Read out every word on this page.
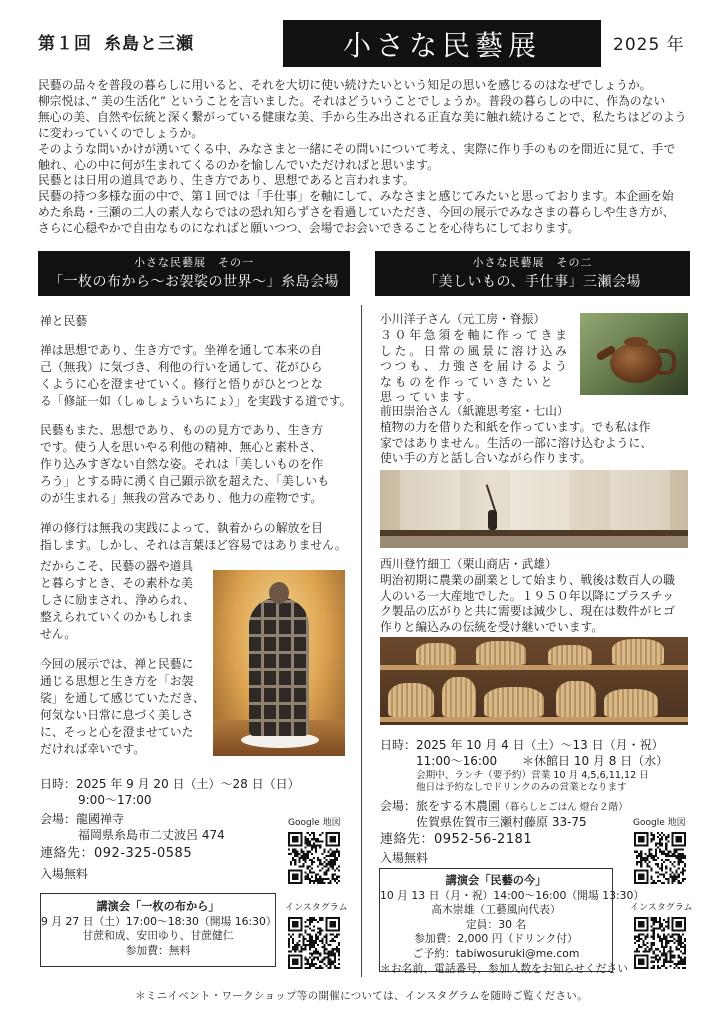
第１回 糸島と三瀬	小さな民藝展	2025 年
民藝の品々を普段の暮らしに用いると、それを大切に使い続けたいという知足の思いを感じるのはなぜでしょうか。
柳宗悦は、” 美の生活化” ということを言いました。それはどういうことでしょうか。普段の暮らしの中に、作為のない
無心の美、自然や伝統と深く繋がっている健康な美、手から生み出される正直な美に触れ続けることで、私たちはどのよう
に変わっていくのでしょうか。
そのような問いかけが湧いてくる中、みなさまと一緒にその問いについて考え、実際に作り手のものを間近に見て、手で
触れ、心の中に何が生まれてくるのかを愉しんでいただければと思います。
民藝とは日用の道具であり、生き方であり、思想であると言われます。
民藝の持つ多様な面の中で、第１回では「手仕事」を軸にして、みなさまと感じてみたいと思っております。本企画を始
めた糸島・三瀬の二人の素人ならではの恐れ知らずさを看過していただき、今回の展示でみなさまの暮らしや生き方が、
さらに心穏やかで自由なものになればと願いつつ、会場でお会いできることを心待ちにしております。
小さな民藝展　その一
「一枚の布から～お袈裟の世界～」糸島会場
小さな民藝展　その二
「美しいもの、手仕事」三瀬会場
禅と民藝
禅は思想であり、生き方です。坐禅を通して本来の自
己（無我）に気づき、利他の行いを通して、花がひら
くように心を澄ませていく。修行と悟りがひとつとな
る「修証一如（しゅしょういちにょ）」を実践する道です。
民藝もまた、思想であり、ものの見方であり、生き方
です。使う人を思いやる利他の精神、無心と素朴さ、
作り込みすぎない自然な姿。それは「美しいものを作
ろう」とする時に湧く自己顕示欲を超えた、「美しいも
のが生まれる」無我の営みであり、他力の産物です。
禅の修行は無我の実践によって、執着からの解放を目
指します。しかし、それは言葉ほど容易ではありません。
だからこそ、民藝の器や道具
と暮らすとき、その素朴な美
しさに励まされ、浄められ、
整えられていくのかもしれま
せん。
今回の展示では、禅と民藝に
通じる思想と生き方を「お袈
裟」を通して感じていただき、
何気ない日常に息づく美しさ
に、そっと心を澄ませていた
だければ幸いです。
日時：2025 年 9 月 20 日（土）～28 日（日）
9:00～17:00
会場：龍國禅寺
福岡県糸島市二丈波呂 474
連絡先：092-325-0585
入場無料
Google 地図
インスタグラム
講演会「一枚の布から」
9 月 27 日（土）17:00～18:30（開場 16:30）
甘蔗和成、安田ゆり、甘蔗健仁
参加費：無料
小川洋子さん（元工房・脊振）
３０年急須を軸に作ってきま
した。日常の風景に溶け込み
つつも、力強さを届けるよう
なものを作っていきたいと
思っています。
前田崇治さん（紙漉思考室・七山）
植物の力を借りた和紙を作っています。でも私は作
家ではありません。生活の一部に溶け込むように、
使い手の方と話し合いながら作ります。
西川登竹細工（栗山商店・武雄）
明治初期に農業の副業として始まり、戦後は数百人の職
人のいる一大産地でした。１９５０年以降にプラスチッ
ク製品の広がりと共に需要は減少し、現在は数件がヒゴ
作りと編込みの伝統を受け継いでいます。
日時：2025 年 10 月 4 日（土）～13 日（月・祝）
11:00～16:00 ＊休館日 10 月 8 日（水）
会期中、ランチ（要予約）営業 10 月 4,5,6,11,12 日
他日は予約なしでドリンクのみの営業となります
会場：旅をする木農園（暮らしとごはん 燈台２階）
佐賀県佐賀市三瀬村藤原 33-75
連絡先：0952-56-2181
入場無料
Google 地図
インスタグラム
講演会「民藝の今」
10 月 13 日（月・祝）14:00～16:00（開場 13:30）
高木崇雄（工藝風向代表）
定員：30 名
参加費：2,000 円（ドリンク付）
ご予約：tabiwosuruki@me.com
＊お名前、電話番号、参加人数をお知らせください
＊ミニイベント・ワークショップ等の開催については、インスタグラムを随時ご覧ください。
